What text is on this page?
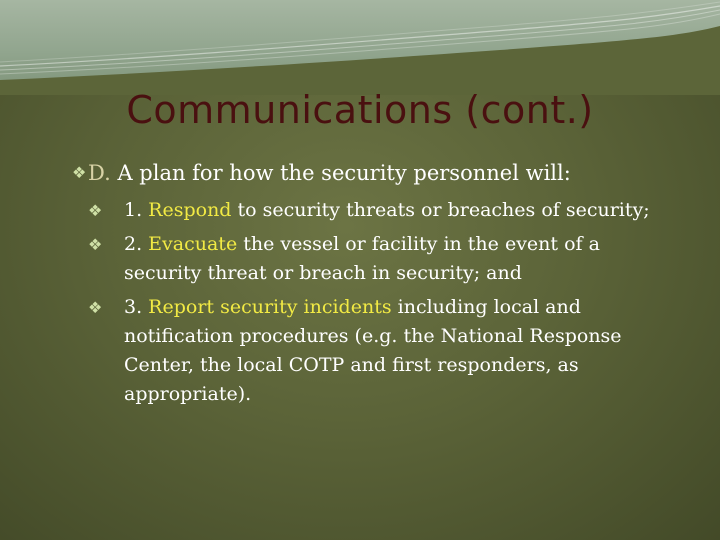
Communications (cont.)
❖ D. A plan for how the security personnel will:
❖ 1. Respond to security threats or breaches of security;
❖ 2. Evacuate the vessel or facility in the event of a security threat or breach in security; and
❖ 3. Report security incidents including local and notification procedures (e.g. the National Response Center, the local COTP and first responders, as appropriate).
